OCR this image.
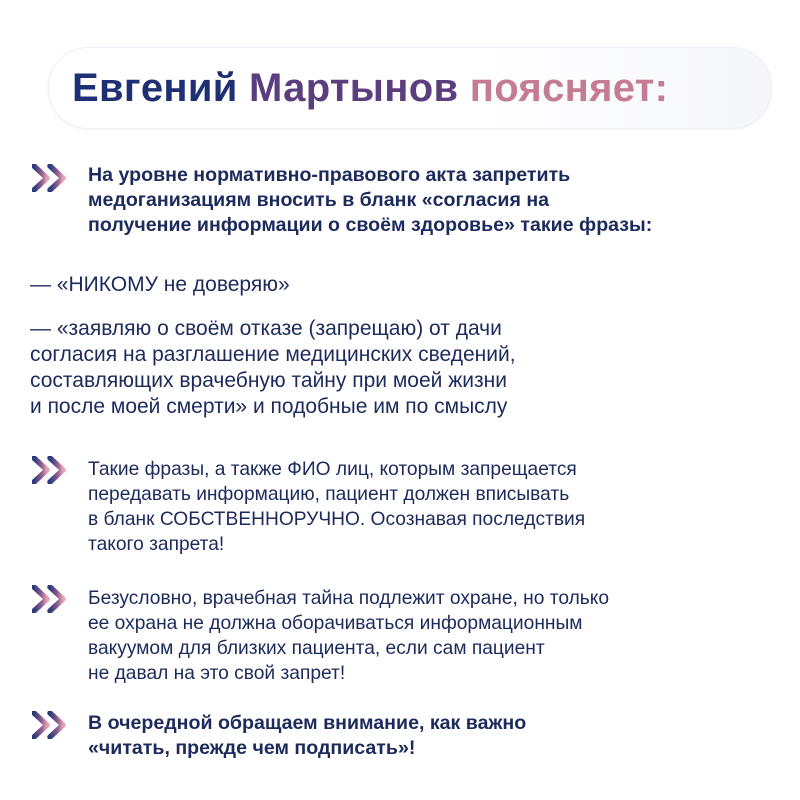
Евгений Мартынов поясняет:

На уровне нормативно-правового акта запретить
медоганизациям вносить в бланк «согласия на
получение информации о своём здоровье» такие фразы:

— «НИКОМУ не доверяю»

— «заявляю о своём отказе (запрещаю) от дачи
согласия на разглашение медицинских сведений,
составляющих врачебную тайну при моей жизни
и после моей смерти» и подобные им по смыслу

Такие фразы, а также ФИО лиц, которым запрещается
передавать информацию, пациент должен вписывать
в бланк СОБСТВЕННОРУЧНО. Осознавая последствия
такого запрета!

Безусловно, врачебная тайна подлежит охране, но только
ее охрана не должна оборачиваться информационным
вакуумом для близких пациента, если сам пациент
не давал на это свой запрет!

В очередной обращаем внимание, как важно
«читать, прежде чем подписать»!
